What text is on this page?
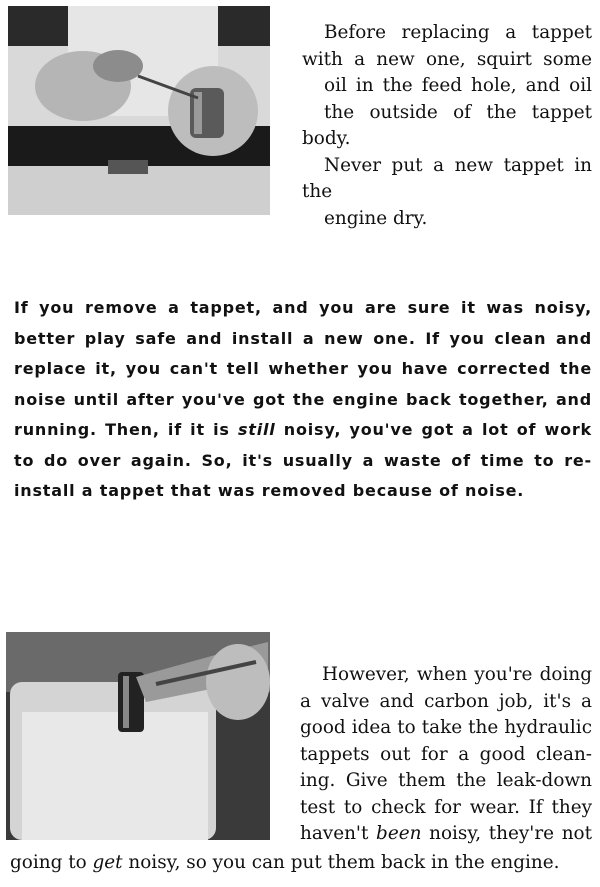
Before replacing a tappet
with a new one, squirt some
oil in the feed hole, and oil
the outside of the tappet body.
Never put a new tappet in the
engine dry.
If you remove a tappet, and you are sure it was noisy,
better play safe and install a new one. If you clean and
replace it, you can't tell whether you have corrected the
noise until after you've got the engine back together, and
running. Then, if it is still noisy, you've got a lot of work
to do over again. So, it's usually a waste of time to re-
install a tappet that was removed because of noise.
However, when you're doing
a valve and carbon job, it's a
good idea to take the hydraulic
tappets out for a good clean-
ing. Give them the leak-down
test to check for wear. If they
haven't been noisy, they're not
going to get noisy, so you can put them back in the engine.
